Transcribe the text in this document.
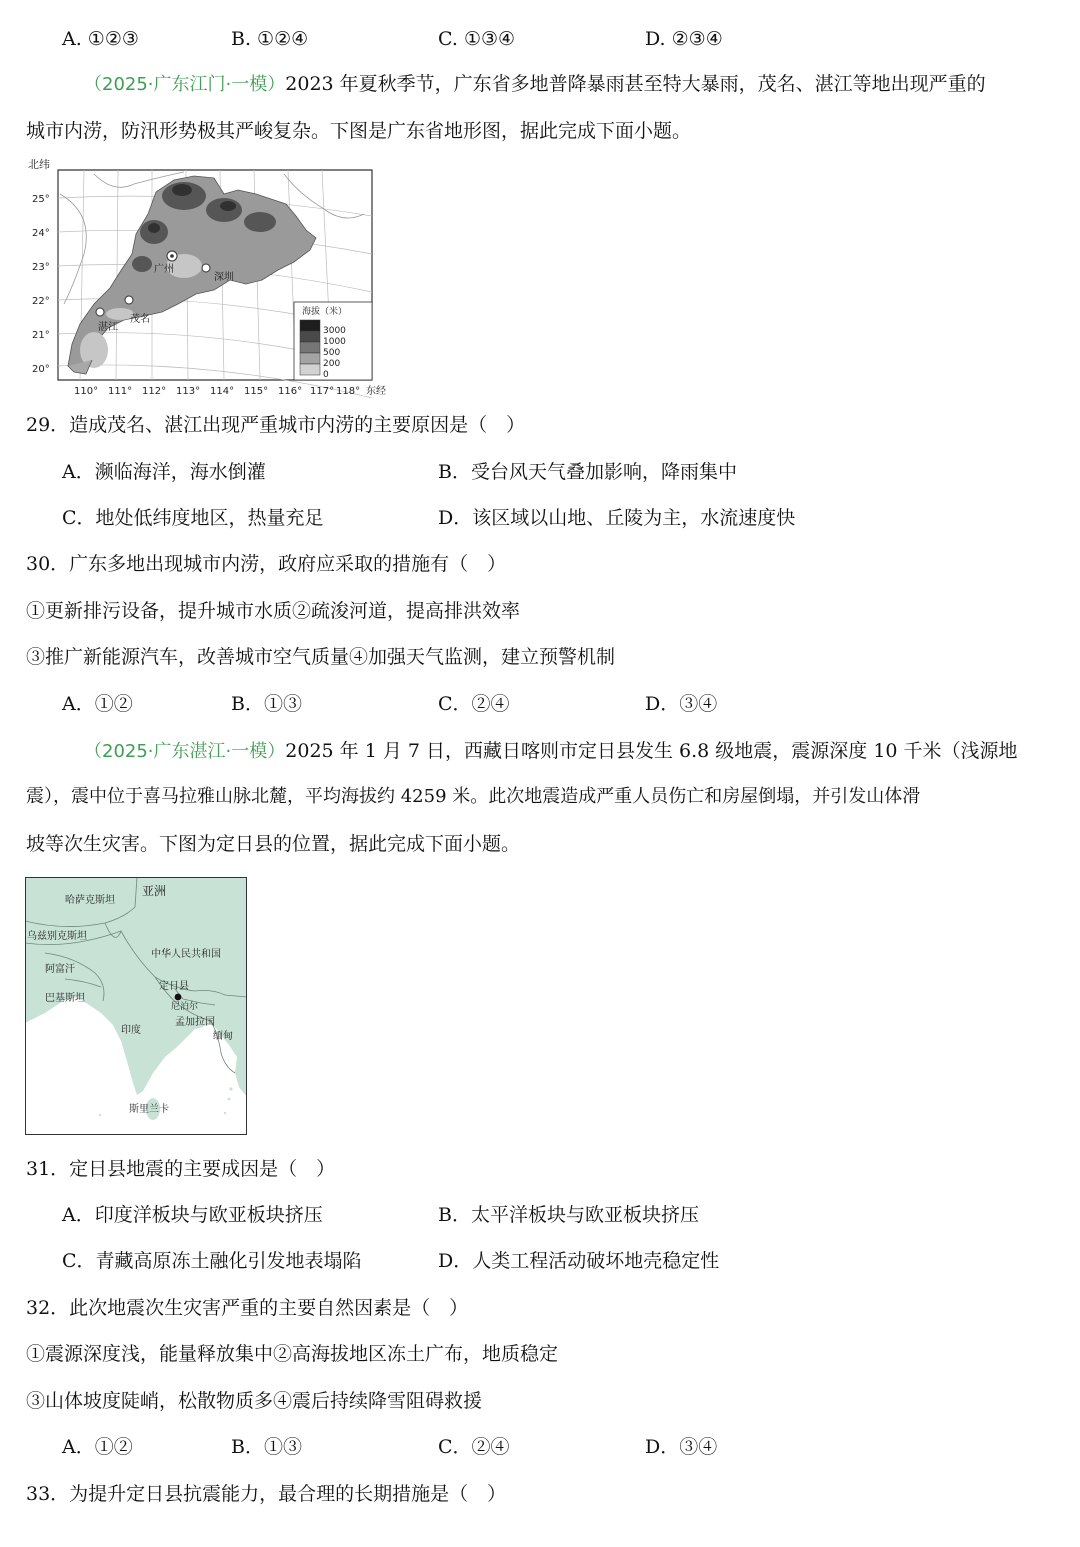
A. ①②③	B. ①②④	C. ①③④	D. ②③④
（2025·广东江门·一模）2023 年夏秋季节，广东省多地普降暴雨甚至特大暴雨，茂名、湛江等地出现严重的
城市内涝，防汛形势极其严峻复杂。下图是广东省地形图，据此完成下面小题。
北纬
广州
深圳
茂名
湛江
25°
24°
23°
22°
21°
20°
110° 111° 112° 113° 114° 115° 116° 117° 118° 东经
海拔（米）
3000
1000
500
200
0
29．造成茂名、湛江出现严重城市内涝的主要原因是（　）
A．濒临海洋，海水倒灌	B．受台风天气叠加影响，降雨集中
C．地处低纬度地区，热量充足	D．该区域以山地、丘陵为主，水流速度快
30．广东多地出现城市内涝，政府应采取的措施有（　）
①更新排污设备，提升城市水质②疏浚河道，提高排洪效率
③推广新能源汽车，改善城市空气质量④加强天气监测，建立预警机制
A．①②	B．①③	C．②④	D．③④
（2025·广东湛江·一模）2025 年 1 月 7 日，西藏日喀则市定日县发生 6.8 级地震，震源深度 10 千米（浅源地
震），震中位于喜马拉雅山脉北麓，平均海拔约 4259 米。此次地震造成严重人员伤亡和房屋倒塌，并引发山体滑
坡等次生灾害。下图为定日县的位置，据此完成下面小题。
哈萨克斯坦
亚洲
乌兹别克斯坦
阿富汗
中华人民共和国
巴基斯坦
定日县
尼泊尔
印度
孟加拉国
缅甸
斯里兰卡
31．定日县地震的主要成因是（　）
A．印度洋板块与欧亚板块挤压	B．太平洋板块与欧亚板块挤压
C．青藏高原冻土融化引发地表塌陷	D．人类工程活动破坏地壳稳定性
32．此次地震次生灾害严重的主要自然因素是（　）
①震源深度浅，能量释放集中②高海拔地区冻土广布，地质稳定
③山体坡度陡峭，松散物质多④震后持续降雪阻碍救援
A．①②	B．①③	C．②④	D．③④
33．为提升定日县抗震能力，最合理的长期措施是（　）
